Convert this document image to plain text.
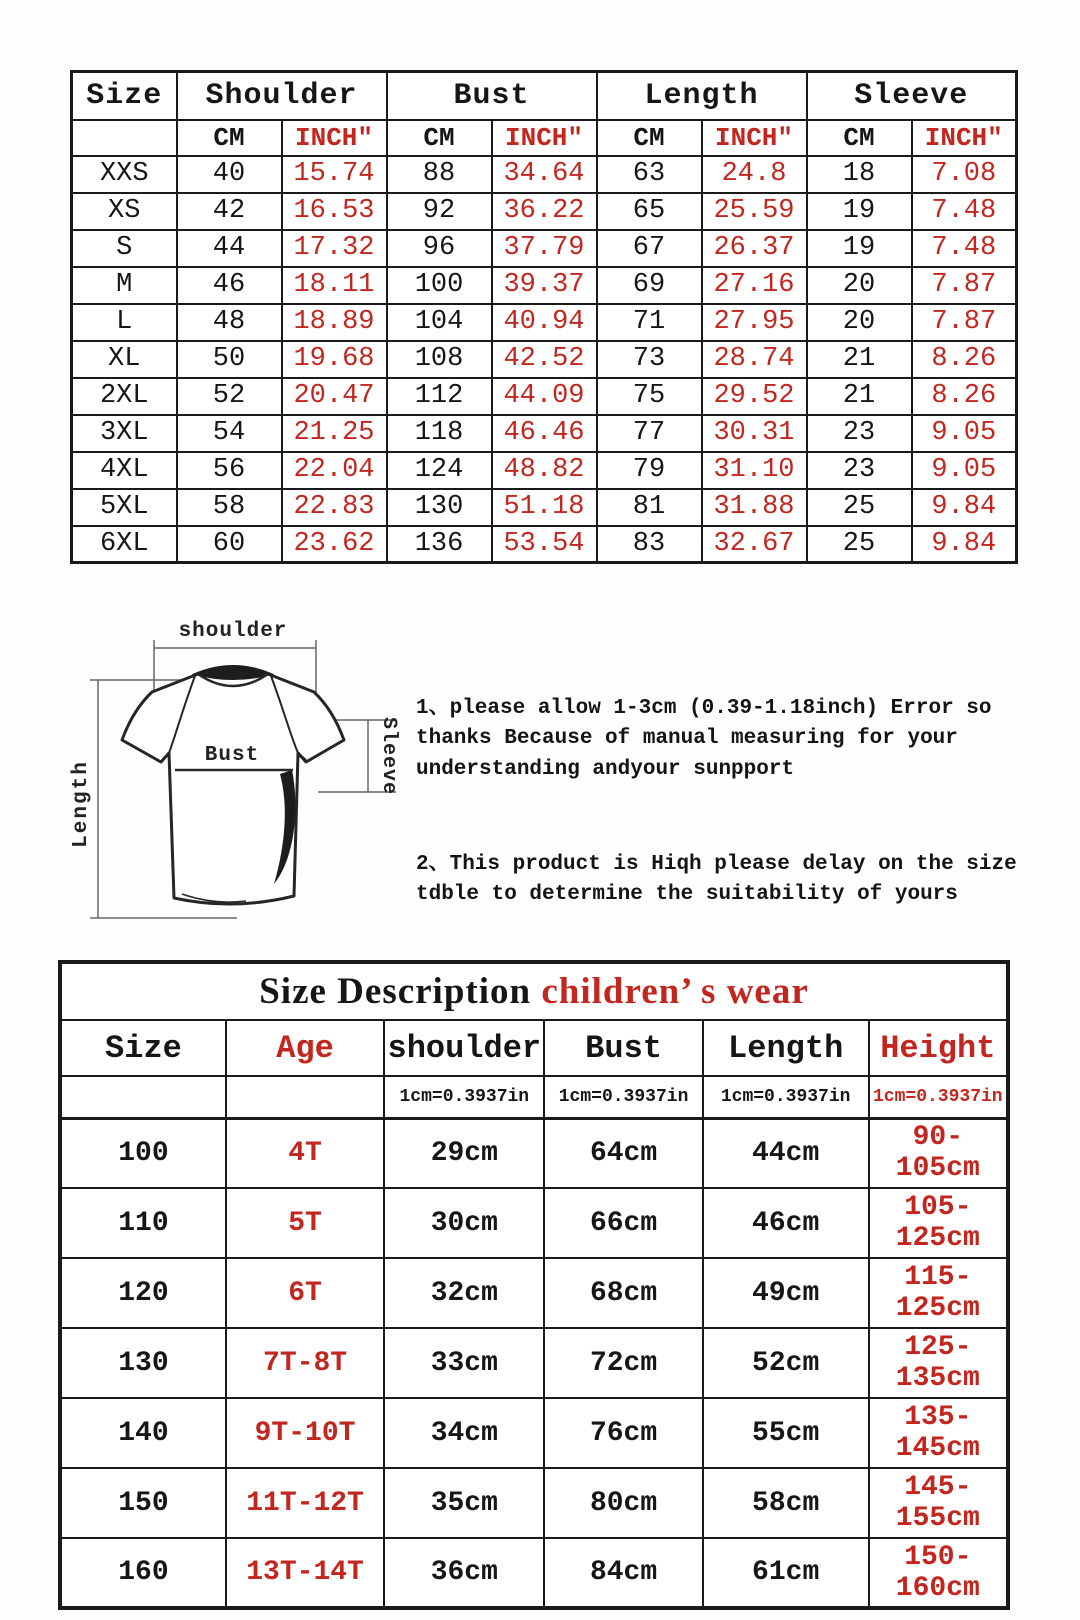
Size	Shoulder		Bust		Length		Sleeve	
	CM	INCH″	CM	INCH″	CM	INCH″	CM	INCH″
XXS	40	15.74	88	34.64	63	24.8	18	7.08
XS	42	16.53	92	36.22	65	25.59	19	7.48
S	44	17.32	96	37.79	67	26.37	19	7.48
M	46	18.11	100	39.37	69	27.16	20	7.87
L	48	18.89	104	40.94	71	27.95	20	7.87
XL	50	19.68	108	42.52	73	28.74	21	8.26
2XL	52	20.47	112	44.09	75	29.52	21	8.26
3XL	54	21.25	118	46.46	77	30.31	23	9.05
4XL	56	22.04	124	48.82	79	31.10	23	9.05
5XL	58	22.83	130	51.18	81	31.88	25	9.84
6XL	60	23.62	136	53.54	83	32.67	25	9.84
shoulder
Length
Bust	Sleeve
1、please allow 1-3cm (0.39-1.18inch) Error so thanks Because of manual measuring for your understanding andyour sunpport
2、This product is Hiqh please delay on the size tdble to determine the suitability of yours
Size Description children’ s wear					
Size	Age	shoulder	Bust	Length	Height
		1cm=0.3937in	1cm=0.3937in	1cm=0.3937in	1cm=0.3937in
100	4T	29cm	64cm	44cm	90-105cm
110	5T	30cm	66cm	46cm	105-125cm
120	6T	32cm	68cm	49cm	115-125cm
130	7T-8T	33cm	72cm	52cm	125-135cm
140	9T-10T	34cm	76cm	55cm	135-145cm
150	11T-12T	35cm	80cm	58cm	145-155cm
160	13T-14T	36cm	84cm	61cm	150-160cm
